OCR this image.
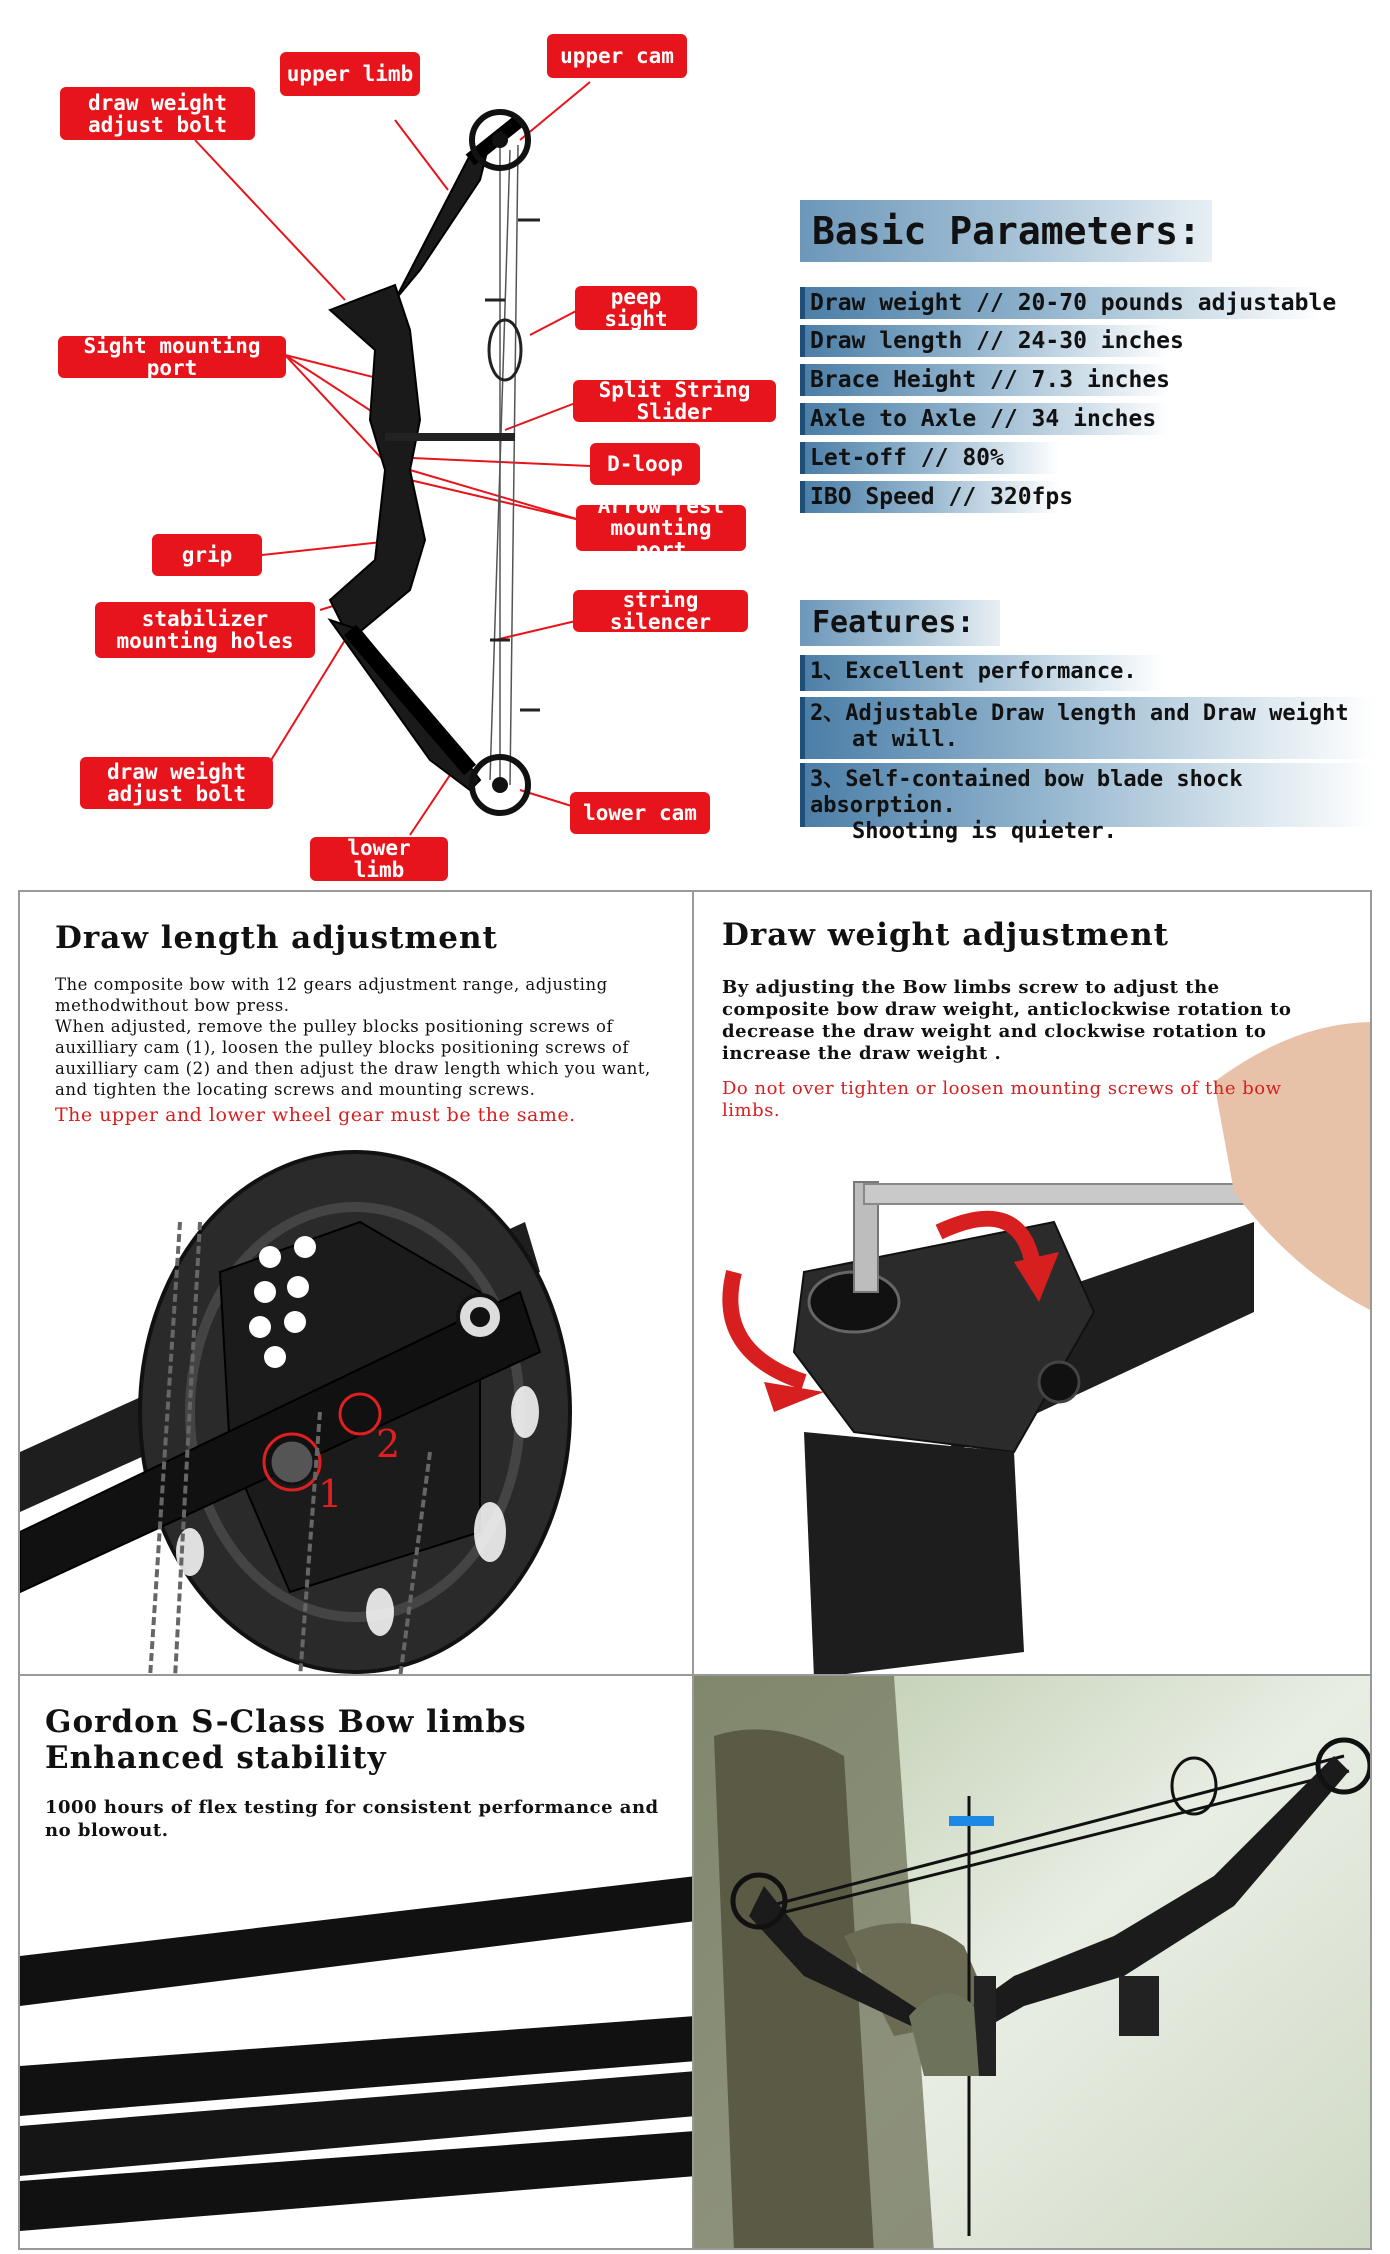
upper limb
upper cam
draw weight
adjust bolt
Sight mounting port
peep sight
Split String Slider
D-loop
Arrow rest
mounting port
grip
stabilizer
mounting holes
string silencer
draw weight
adjust bolt
lower cam
lower limb
Basic Parameters:
Draw weight // 20-70 pounds adjustable
Draw length // 24-30 inches
Brace Height // 7.3 inches
Axle to Axle // 34 inches
Let-off // 80%
IBO Speed // 320fps
Features:
1、Excellent performance.
2、Adjustable Draw length and Draw weight
at will.
3、Self-contained bow blade shock absorption.
Shooting is quieter.
Draw length adjustment
The composite bow with 12 gears adjustment range, adjusting methodwithout bow press.
When adjusted, remove the pulley blocks positioning screws of auxilliary cam (1), loosen the pulley blocks positioning screws of auxilliary cam (2) and then adjust the draw length which you want, and tighten the locating screws and mounting screws.
The upper and lower wheel gear must be the same.
1
2
Draw weight adjustment
By adjusting the Bow limbs screw to adjust the composite bow draw weight, anticlockwise rotation to decrease the draw weight and clockwise rotation to increase the draw weight .
Do not over tighten or loosen mounting screws of the bow limbs.
Gordon S-Class Bow limbs
Enhanced stability
1000 hours of flex testing for consistent performance and no blowout.
